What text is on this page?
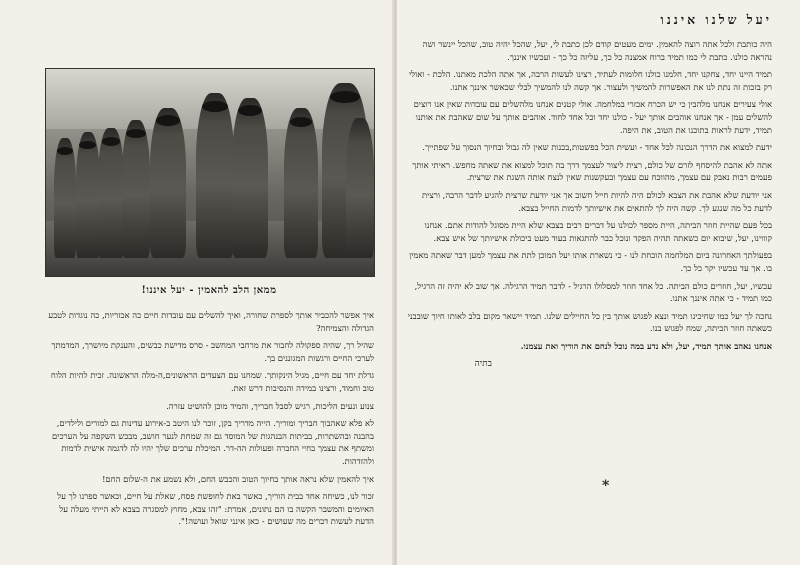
ממאן הלב להאמין - יעל איננו!

איך אפשר להכביר אותך לספרת שחורה, ואיך להשלים עם עובדות חיים כה אכזריות, כה נוגדות לטבע הגדולה והצמיחה?

שהיל רך, שהיה ספקולה לחבור את מרחבי המחשב - סרס מדישת כבשים, והענקת מיושרך, המדמתך לערכי החיים ורגשות המגוננים בך.

גדלת יחד עם חיים, מגיל הינקותך. שמחנו עם הצעדים הראשונים,ה-מלה הראשונה. זכית להיות הלוח טוב וחמוד, ורצינו במידה והנסיבות דרש זאת.

צנוע ונעים הליכות, רגיש לסבל חבריך, והמיד מוכן להושיט עזרה.

לא פלא שאהבוך חבריך ומוריך. הייה מדריך בקן, זוכר לנו היטב ב-אירוע עדינות גם למורים ולילדים, בהבנה ובהשתרות, בביתות הבנהגות של המוסד גם זה שמחת לנער חושב, מבכש השקפה על הערכים ומשתף את עצמך בחיי החברה ופעולות הה-דר. המיכלת ערכים שלך יהיו לה לדגמה אישית לדמות ולהזדהות.

איך להאמין שלא נראה אותך בחיוך הטוב והכבש החם, ולא נשמע את ה-שלום החם!

זכור לנו, כשיחה אחד בבית הוריך, כאשר באת לחופשת פסח, שאלת על חיים, וכאשר ספרנו לך על האיומים והמשבר הקשה בו הם נתונים, אמרת: "זהו צבא, מחוץ למסגרה בצבא לא הייתי מעלה על הדעת לעשות דברים מה שעושים - כאן אינני שואל ועושה!".

יעל שלנו איננו

היה כותבת ולכל אתה רוצה להאמין. ימים מעטים קודם לכן כתבת לי, יעל, שהכל יהיה טוב, שהכל יינשר ושה נהראה כולנו. כתבת לי כמו תמיד ברוח אמצנה כל כך, עליזה כל כך - ועכשיו איננך.

תמיד היינו יחד, צחקנו יחד, חלמנו כולנו חלומות לעתיד, רצינו לעשות הרבה, אך אתה הלכת מאתנו. הלכת - ואולי רק בזכות זה נתת לנו את האפשרות להמשיך ולעצור. אך קשה לנו להמשיך לבלי שכאשר איננך אתנו.

אולי צעירים אנחנו מלהבין כי יש הכרח אכזרי במלחמה. אולי קטנים אנחנו מלהשלים עם עובדות שאין אנו רוצים להשלים עמן - אך אנחנו אוהבים אותך יעל - כולנו יחד וכל אחד לחוד. אוהבים אותך על שום שאהבת את אותנו תמיד, ידעת לראות בתוכנו את הטוב, את היפה.

ידעת למצוא את הדרך הנכונה לכל אחד - ועשית הכל בפשטות,בכנות שאין לה גבול ובחיוך הנסוך על שפתייך.

אתה לא אהבת להיסחף לזרם של כולם, רצית ליצור לעצמך דרך בה תוכל למצוא את שאתה מחפש. ראיתי אותך פעמים רבות נאבק עם עצמך, מהווכח עם עצמך ובעקשנות שאין לנצח אותה השגת את שרצית.

אני יודעת שלא אהבת את הצבא לכולם היה להיות חייל חשוב אך אני יודעת שרצית להגיע לדבר הרבה, ורצית לדעת כל מה שנגע לך. קשה היה לך להתאים את אישיותך לדמות החייל בצבא.

בכל פעם שהיית חוזר הביתה, היית מספר לכולנו על דברים רבים בצבא שלא היית מסוגל להודות אתם. אנחנו קוווינו, יעל, שיבוא יום כשאתה תהיה הפקד ונוכל כבר להתגאות בעוד מעט ביכולת אישיותך של איש צבא.

בפעולתך האחרונה ביום המלחמה הוכחת לנו - כי נשארת אותו יעל המוכן לתת את עצמך למען דבר שאתה מאמין בו. אך עד עכשיו יקר כל כך.

עכשיו, יעל, חוזרים כולם הביתה. כל אחד חוזר למסלולו הרגיל - לדבר תמיד הרגילה. אך שוב לא יהיה זה הרגיל, כמו תמיד - כי אתה איננך אתנו.

נחכה לך יעל כמו שחיכינו תמיד ונצא לפגוש אותך בין כל החיילים שלנו. תמיד יישאר מקום בלב לאותו חיוך שובבני כשאתה חוזר הביתה, שמח לפגוש בנו.

אנחנו נאהב אותך תמיד, יעל, ולא נדע במה נוכל לנחם את הוריך ואת עצמנו.

בתיה

*
